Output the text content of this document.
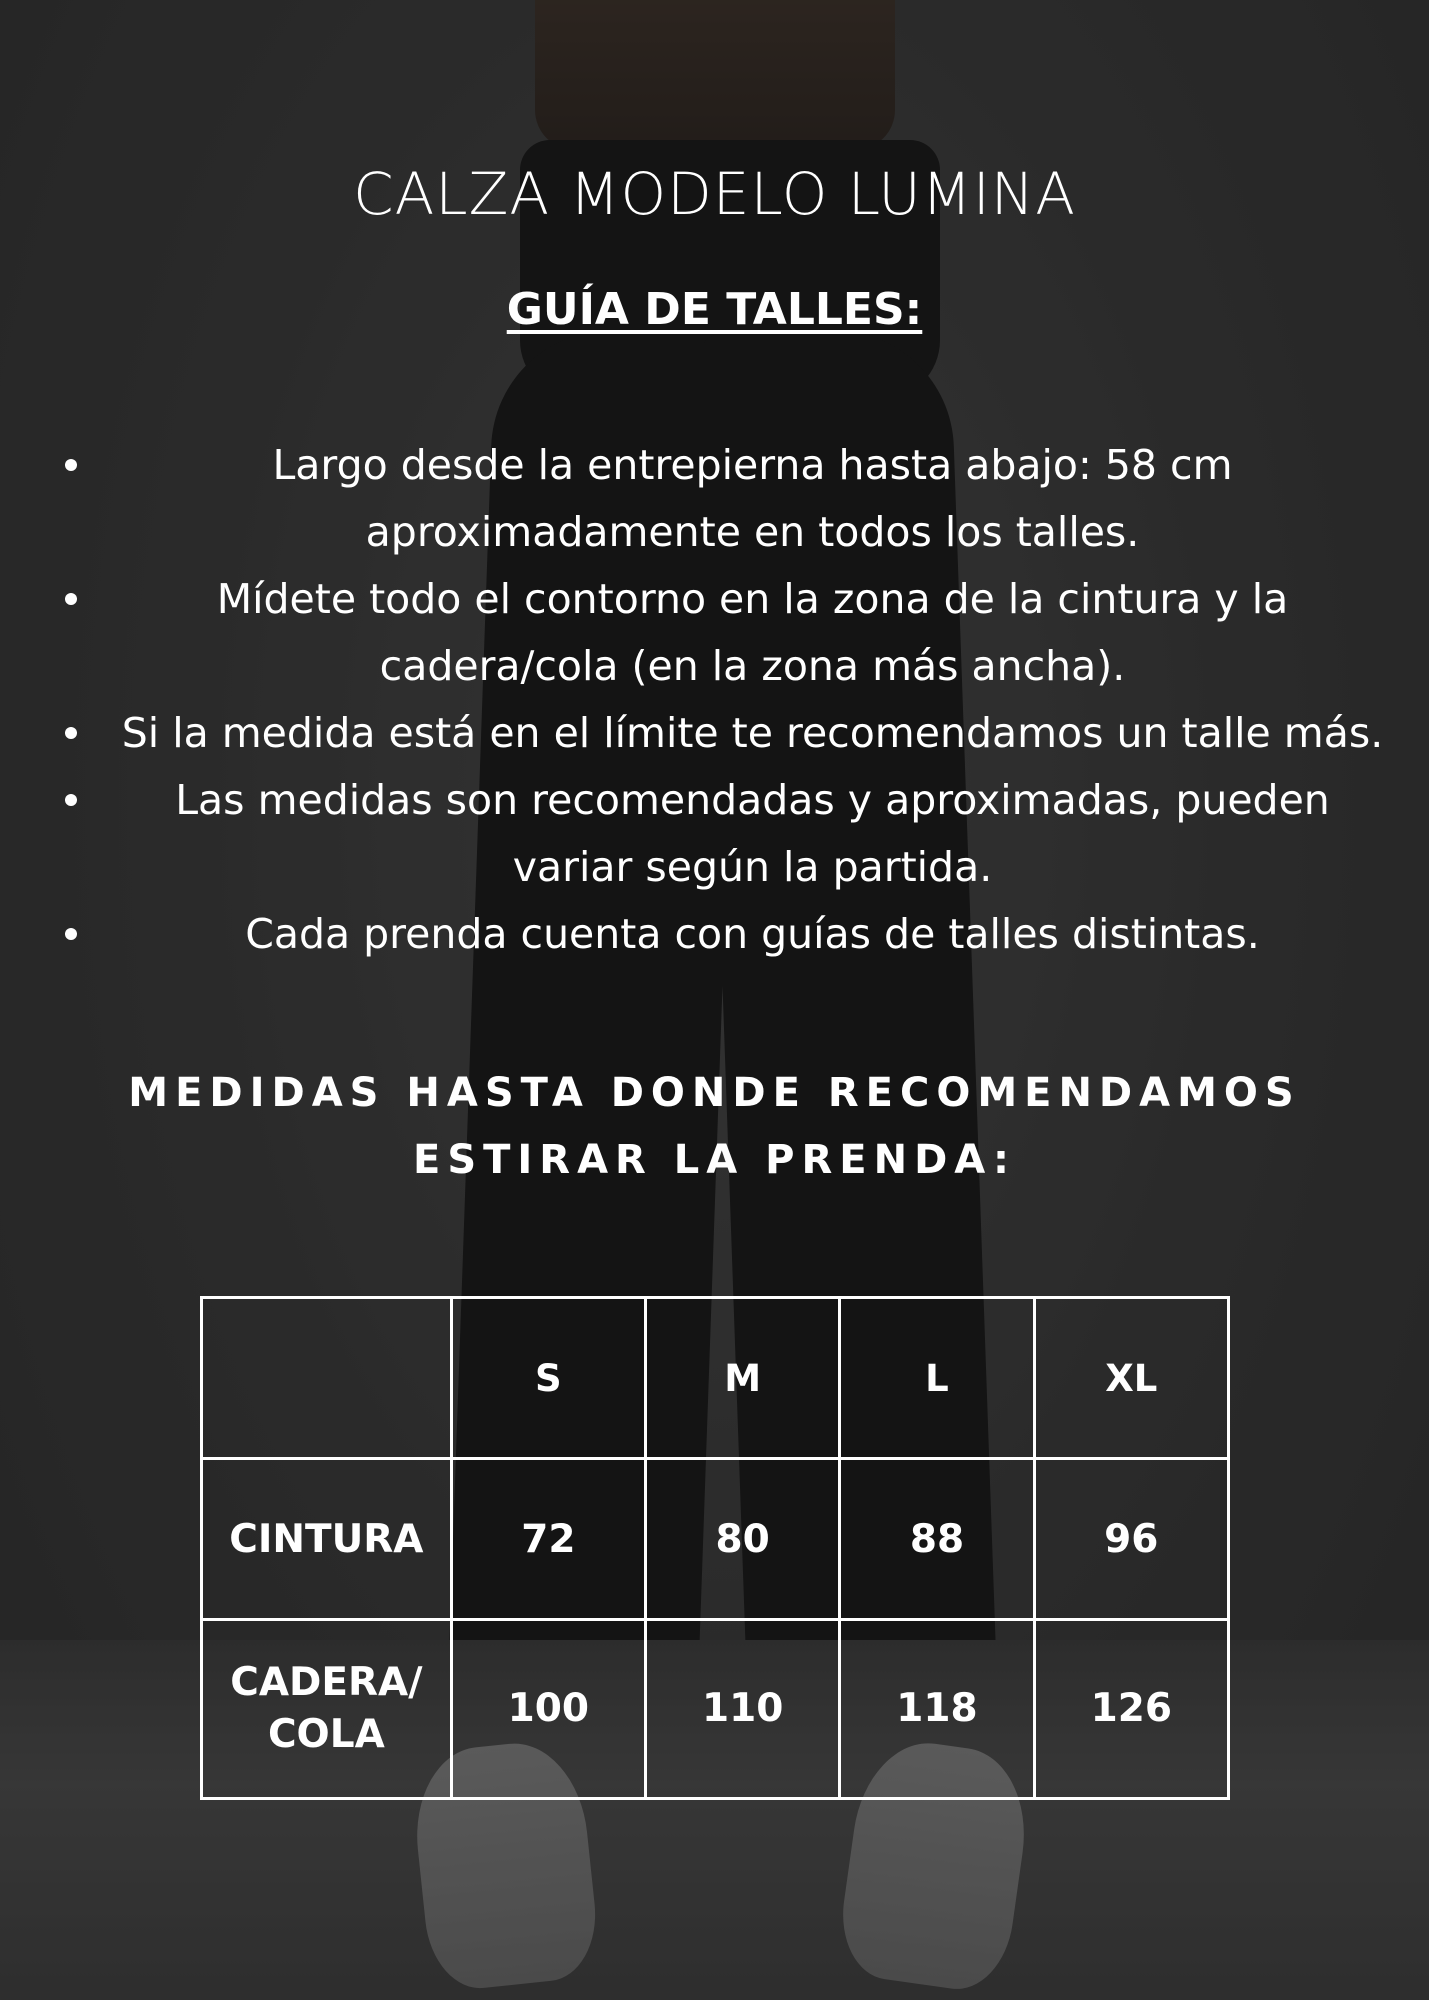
CALZA MODELO LUMINA
GUÍA DE TALLES:
Largo desde la entrepierna hasta abajo: 58 cm aproximadamente en todos los talles.
Mídete todo el contorno en la zona de la cintura y la cadera/cola (en la zona más ancha).
Si la medida está en el límite te recomendamos un talle más.
Las medidas son recomendadas y aproximadas, pueden variar según la partida.
Cada prenda cuenta con guías de talles distintas.
MEDIDAS HASTA DONDE RECOMENDAMOS
ESTIRAR LA PRENDA:
	S	M	L	XL
CINTURA	72	80	88	96

CADERA/
COLA	100	110	118	126
